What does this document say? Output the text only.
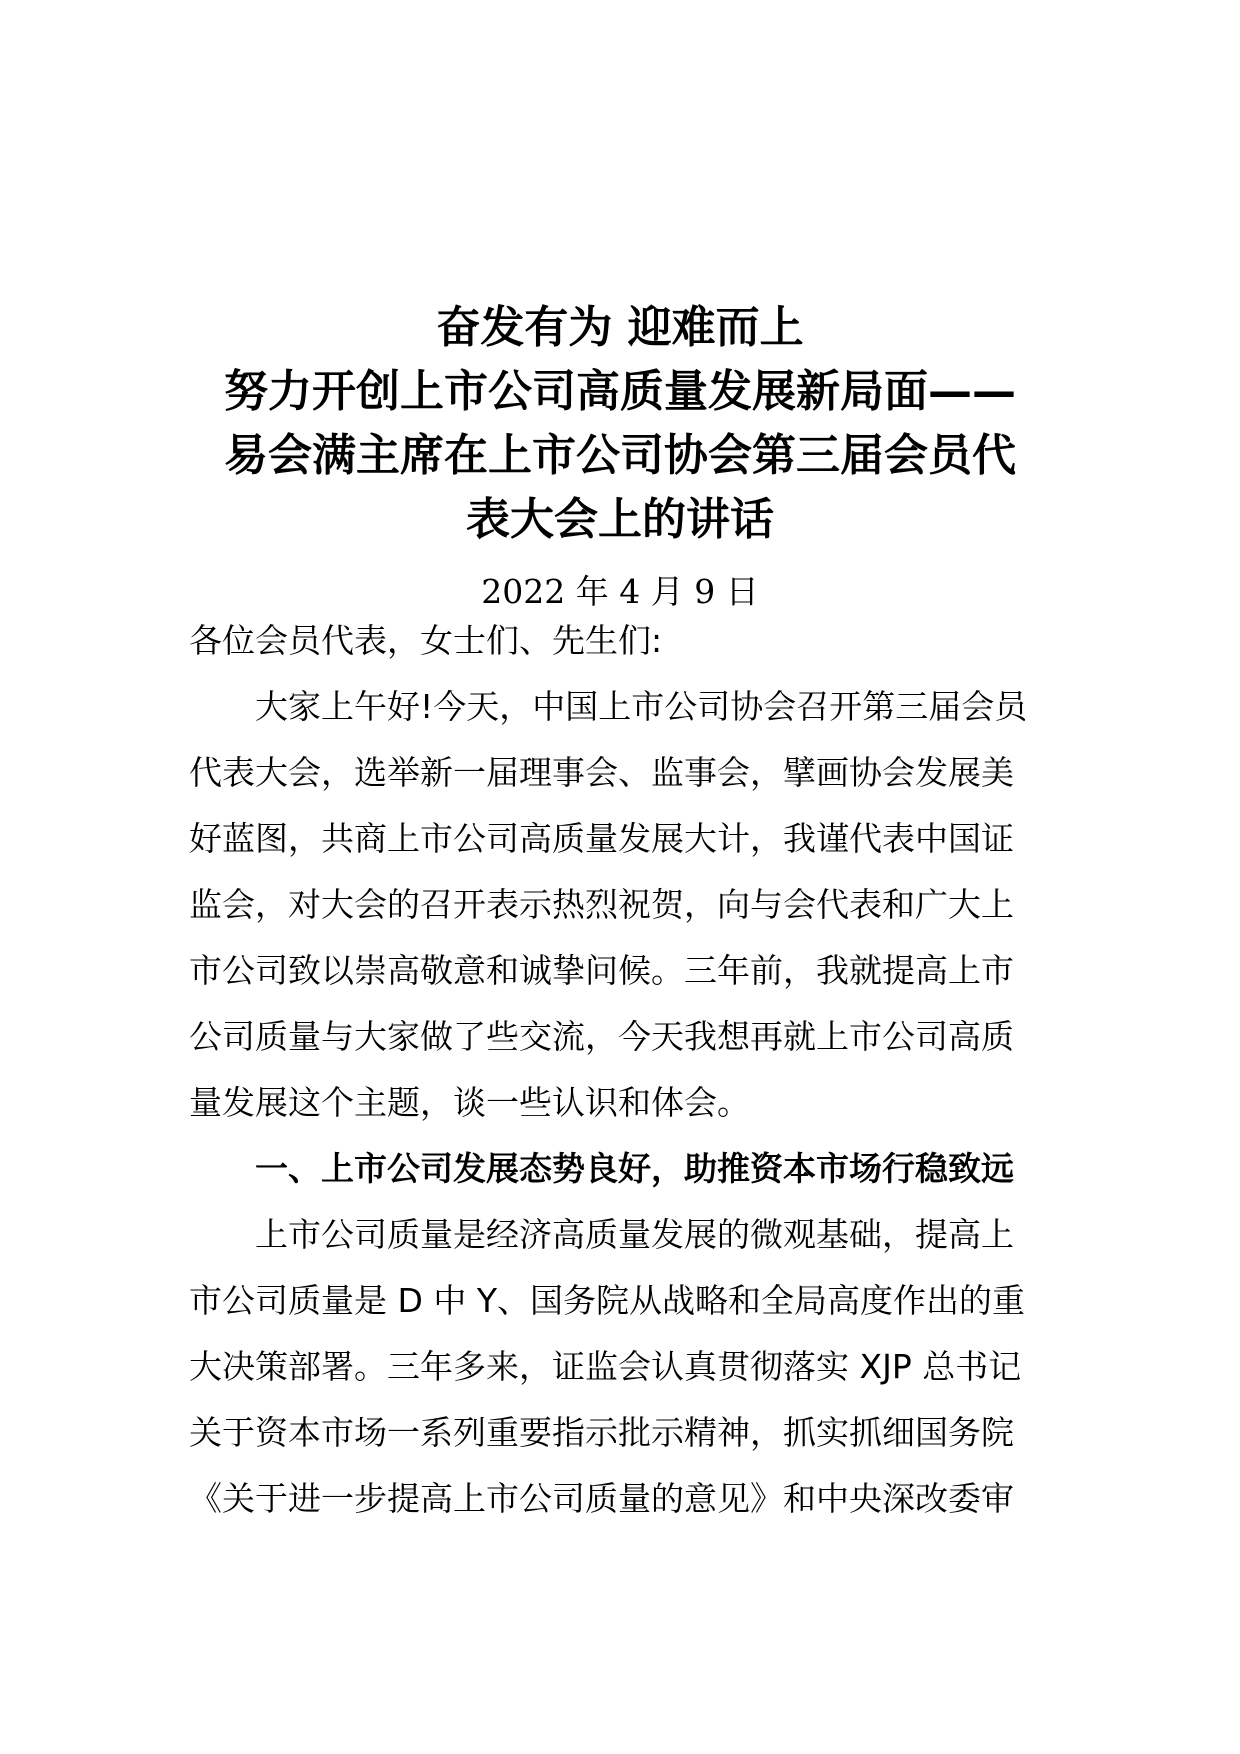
奋发有为 迎难而上
努力开创上市公司高质量发展新局面——
易会满主席在上市公司协会第三届会员代
表大会上的讲话
2022 年 4 月 9 日
各位会员代表，女士们、先生们:
大家上午好!今天，中国上市公司协会召开第三届会员
代表大会，选举新一届理事会、监事会，擘画协会发展美
好蓝图，共商上市公司高质量发展大计，我谨代表中国证
监会，对大会的召开表示热烈祝贺，向与会代表和广大上
市公司致以崇高敬意和诚挚问候。三年前，我就提高上市
公司质量与大家做了些交流，今天我想再就上市公司高质
量发展这个主题，谈一些认识和体会。
一、上市公司发展态势良好，助推资本市场行稳致远
上市公司质量是经济高质量发展的微观基础，提高上
市公司质量是 D 中 Y、国务院从战略和全局高度作出的重
大决策部署。三年多来，证监会认真贯彻落实 XJP 总书记
关于资本市场一系列重要指示批示精神，抓实抓细国务院
《关于进一步提高上市公司质量的意见》和中央深改委审
